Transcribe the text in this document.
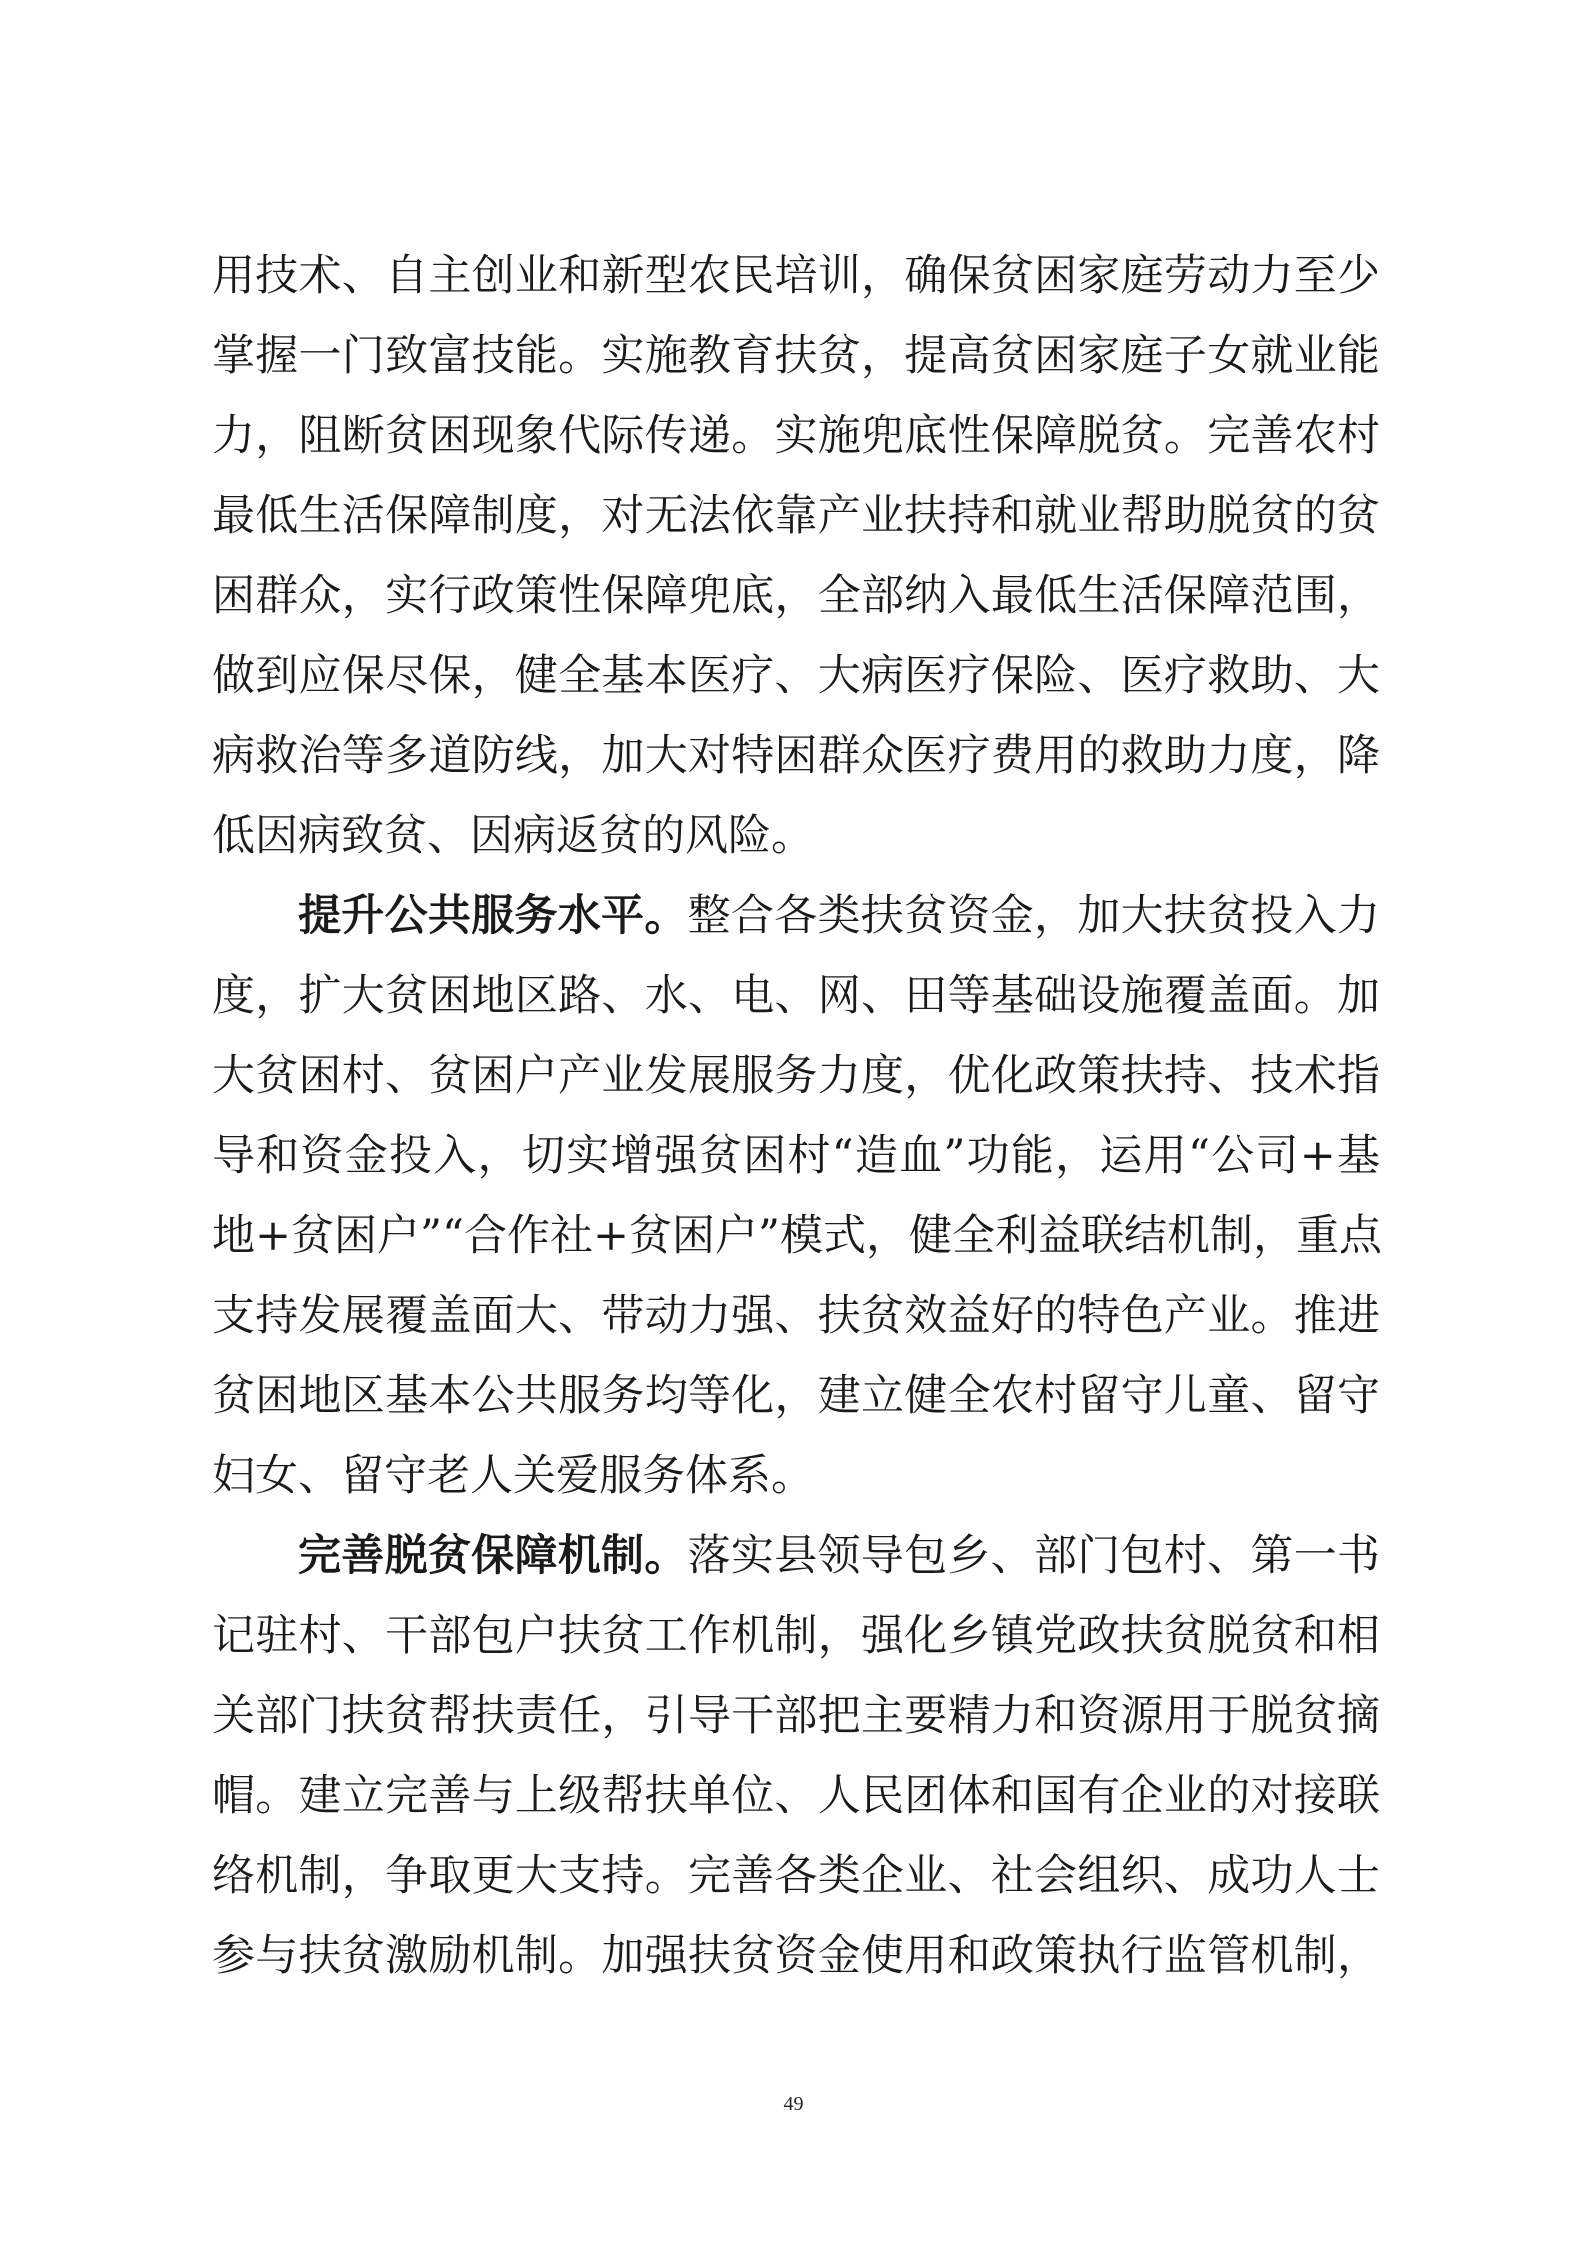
用技术、自主创业和新型农民培训，确保贫困家庭劳动力至少
掌握一门致富技能。实施教育扶贫，提高贫困家庭子女就业能
力，阻断贫困现象代际传递。实施兜底性保障脱贫。完善农村
最低生活保障制度，对无法依靠产业扶持和就业帮助脱贫的贫
困群众，实行政策性保障兜底，全部纳入最低生活保障范围，
做到应保尽保，健全基本医疗、大病医疗保险、医疗救助、大
病救治等多道防线，加大对特困群众医疗费用的救助力度，降
低因病致贫、因病返贫的风险。
提升公共服务水平。整合各类扶贫资金，加大扶贫投入力
度，扩大贫困地区路、水、电、网、田等基础设施覆盖面。加
大贫困村、贫困户产业发展服务力度，优化政策扶持、技术指
导和资金投入，切实增强贫困村“造血”功能，运用“公司+基
地+贫困户”“合作社+贫困户”模式，健全利益联结机制，重点
支持发展覆盖面大、带动力强、扶贫效益好的特色产业。推进
贫困地区基本公共服务均等化，建立健全农村留守儿童、留守
妇女、留守老人关爱服务体系。
完善脱贫保障机制。落实县领导包乡、部门包村、第一书
记驻村、干部包户扶贫工作机制，强化乡镇党政扶贫脱贫和相
关部门扶贫帮扶责任，引导干部把主要精力和资源用于脱贫摘
帽。建立完善与上级帮扶单位、人民团体和国有企业的对接联
络机制，争取更大支持。完善各类企业、社会组织、成功人士
参与扶贫激励机制。加强扶贫资金使用和政策执行监管机制，
49
